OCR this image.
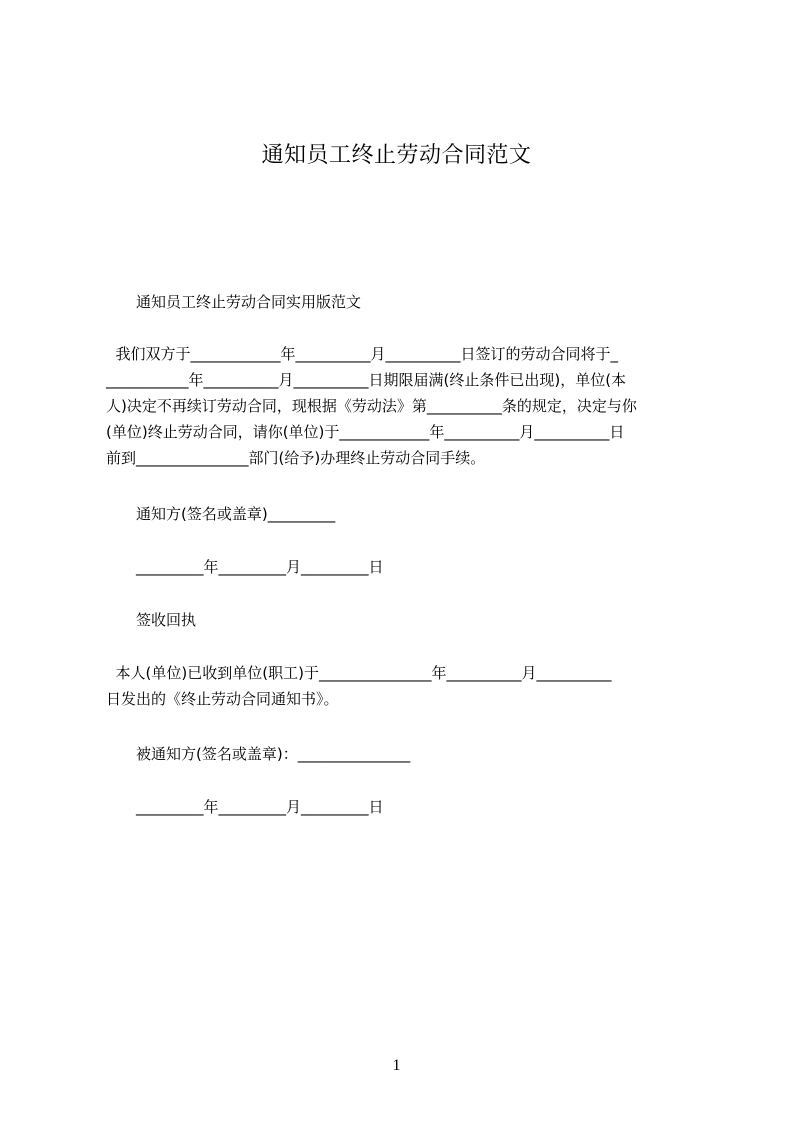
通知员工终止劳动合同范文
通知员工终止劳动合同实用版范文
我们双方于____________年__________月__________日签订的劳动合同将于_
___________年__________月__________日期限届满(终止条件已出现)，单位(本
人)决定不再续订劳动合同，现根据《劳动法》第__________条的规定，决定与你
(单位)终止劳动合同，请你(单位)于____________年__________月__________日
前到_______________部门(给予)办理终止劳动合同手续。
通知方(签名或盖章)_________
_________年_________月_________日
签收回执
本人(单位)已收到单位(职工)于_______________年__________月__________
日发出的《终止劳动合同通知书》。
被通知方(签名或盖章)：_______________
_________年_________月_________日
1
